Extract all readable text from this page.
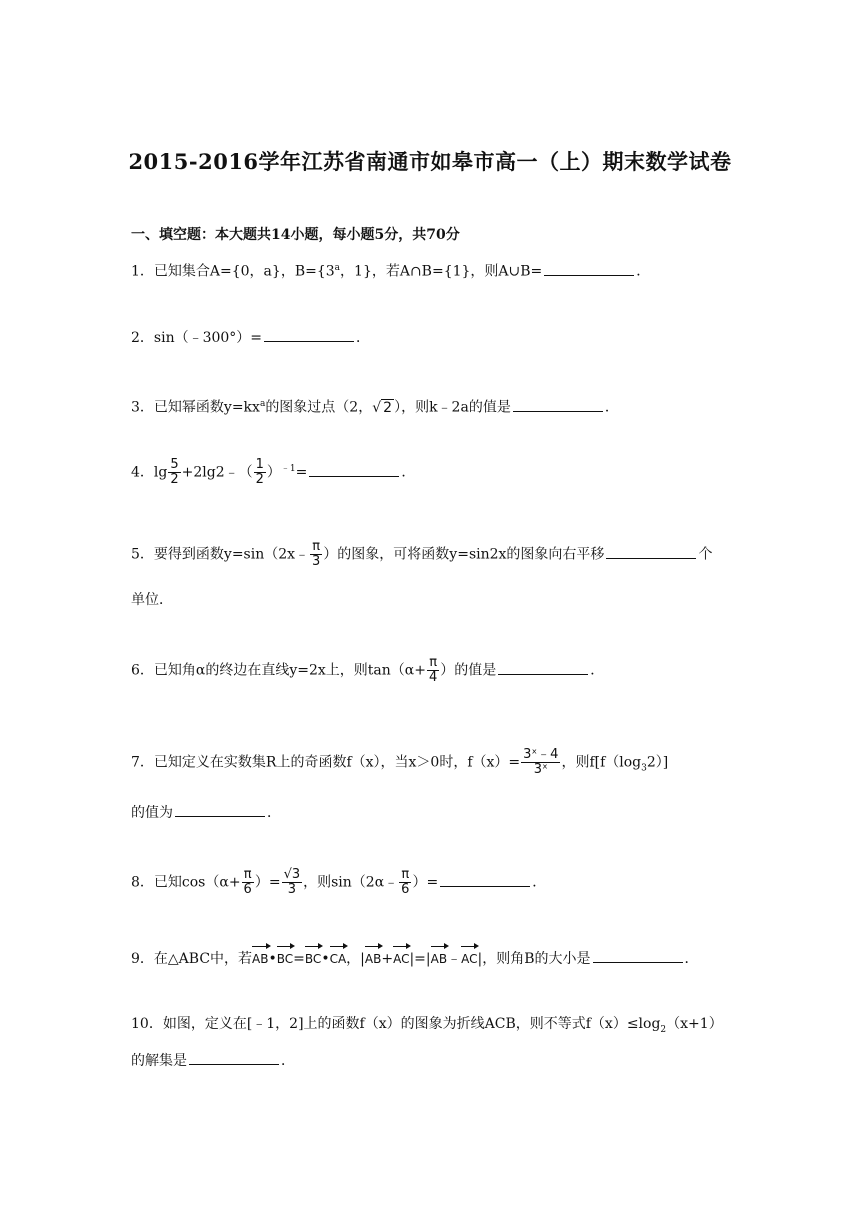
2015-2016学年江苏省南通市如皋市高一（上）期末数学试卷
一、填空题：本大题共14小题，每小题5分，共70分
1．已知集合A={0，a}，$B=\{3^a$，1}，若A∩B={1}，则A∪B=	．
2．sin（﹣300°）=	．
3．已知幂函数$y=kx^a$的图象过点（2，√ 2 ），则k﹣2a的值是	．
4．$\lg \frac{5}{2}$ +2lg2﹣（ $\frac{1}{2} )^{﹣1}=$	．
5．要得到函数y=sin（2x﹣ $\frac{\pi}{3}$ ）的图象，可将函数y=sin2x的图象向右平移	个
单位．
6．已知角α的终边在直线y=2x上，则$\tan(\alpha+ \frac{\pi}{4}$ ）的值是	．
7．已知定义在实数集R上的奇函数f（x），当x＞0时，$f(x)= \frac{\text{3ˣ﹣4}}{\text{3ˣ}}$ ，则$f[f(\log_32)]$
的值为	．
8．已知$\cos(\alpha+ \frac{\pi}{6}$ ）= $\frac{√3}{3}$ ，则sin（2α﹣ $\frac{\pi}{6}$ ）=	．
9．在△ABC中，若AB•BC=BC•CA，|AB+AC|=|AB﹣AC|，则角B的大小是	．
10．如图，定义在[﹣1，2]上的函数f（x）的图象为折线ACB，则不等式$f(x)\le\log_2(x+1)$
的解集是	．
